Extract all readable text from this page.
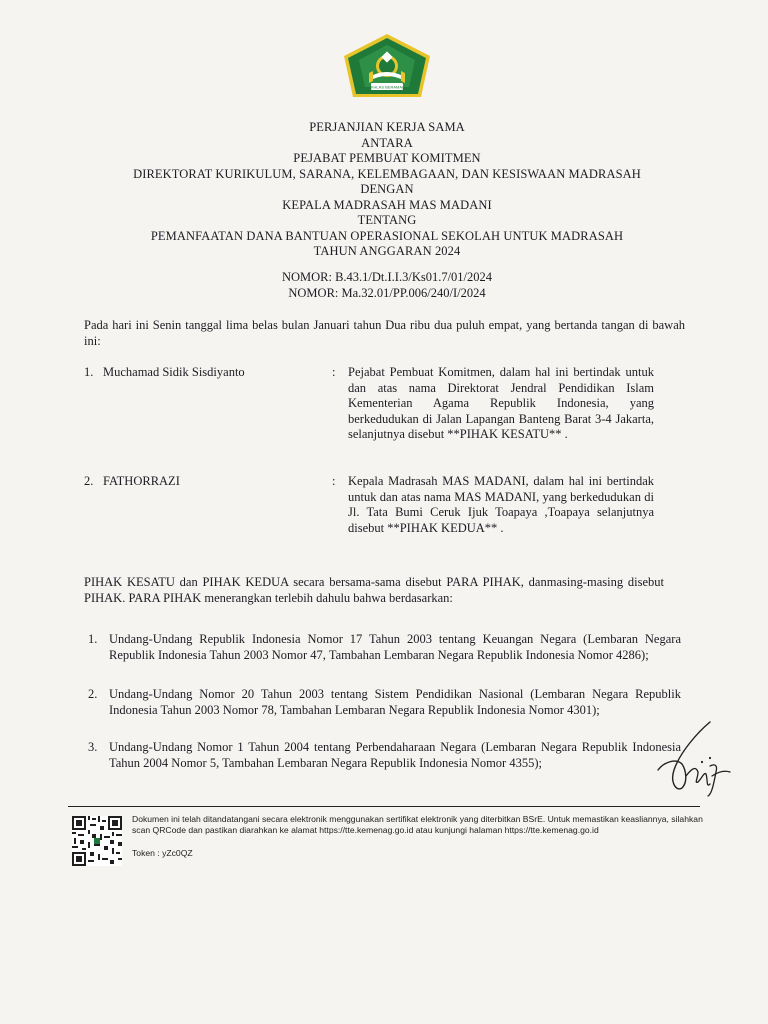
IKHLAS BERAMAL
PERJANJIAN KERJA SAMA
ANTARA
PEJABAT PEMBUAT KOMITMEN
DIREKTORAT KURIKULUM, SARANA, KELEMBAGAAN, DAN KESISWAAN MADRASAH
DENGAN
KEPALA MADRASAH MAS MADANI
TENTANG
PEMANFAATAN DANA BANTUAN OPERASIONAL SEKOLAH UNTUK MADRASAH
TAHUN ANGGARAN 2024
NOMOR: B.43.1/Dt.I.I.3/Ks01.7/01/2024
NOMOR: Ma.32.01/PP.006/240/I/2024
Pada hari ini Senin tanggal lima belas bulan Januari tahun Dua ribu dua puluh empat, yang bertanda tangan di bawah ini:
1. Muchamad Sidik Sisdiyanto	: Pejabat Pembuat Komitmen, dalam hal ini bertindak untuk dan atas nama Direktorat Jendral Pendidikan Islam Kementerian Agama Republik Indonesia, yang berkedudukan di Jalan Lapangan Banteng Barat 3-4 Jakarta, selanjutnya disebut **PIHAK KESATU** .
2. FATHORRAZI	: Kepala Madrasah MAS MADANI, dalam hal ini bertindak untuk dan atas nama MAS MADANI, yang berkedudukan di Jl. Tata Bumi Ceruk Ijuk Toapaya ,Toapaya selanjutnya disebut **PIHAK KEDUA** .
PIHAK KESATU dan PIHAK KEDUA secara bersama-sama disebut PARA PIHAK, danmasing-masing disebut PIHAK. PARA PIHAK menerangkan terlebih dahulu bahwa berdasarkan:
1. Undang-Undang Republik Indonesia Nomor 17 Tahun 2003 tentang Keuangan Negara (Lembaran Negara Republik Indonesia Tahun 2003 Nomor 47, Tambahan Lembaran Negara Republik Indonesia Nomor 4286);
2. Undang-Undang Nomor 20 Tahun 2003 tentang Sistem Pendidikan Nasional (Lembaran Negara Republik Indonesia Tahun 2003 Nomor 78, Tambahan Lembaran Negara Republik Indonesia Nomor 4301);
3. Undang-Undang Nomor 1 Tahun 2004 tentang Perbendaharaan Negara (Lembaran Negara Republik Indonesia Tahun 2004 Nomor 5, Tambahan Lembaran Negara Republik Indonesia Nomor 4355);
Dokumen ini telah ditandatangani secara elektronik menggunakan sertifikat elektronik yang diterbitkan BSrE. Untuk memastikan keasliannya, silahkan scan QRCode dan pastikan diarahkan ke alamat https://tte.kemenag.go.id atau kunjungi halaman https://tte.kemenag.go.id
Token : yZc0QZ
